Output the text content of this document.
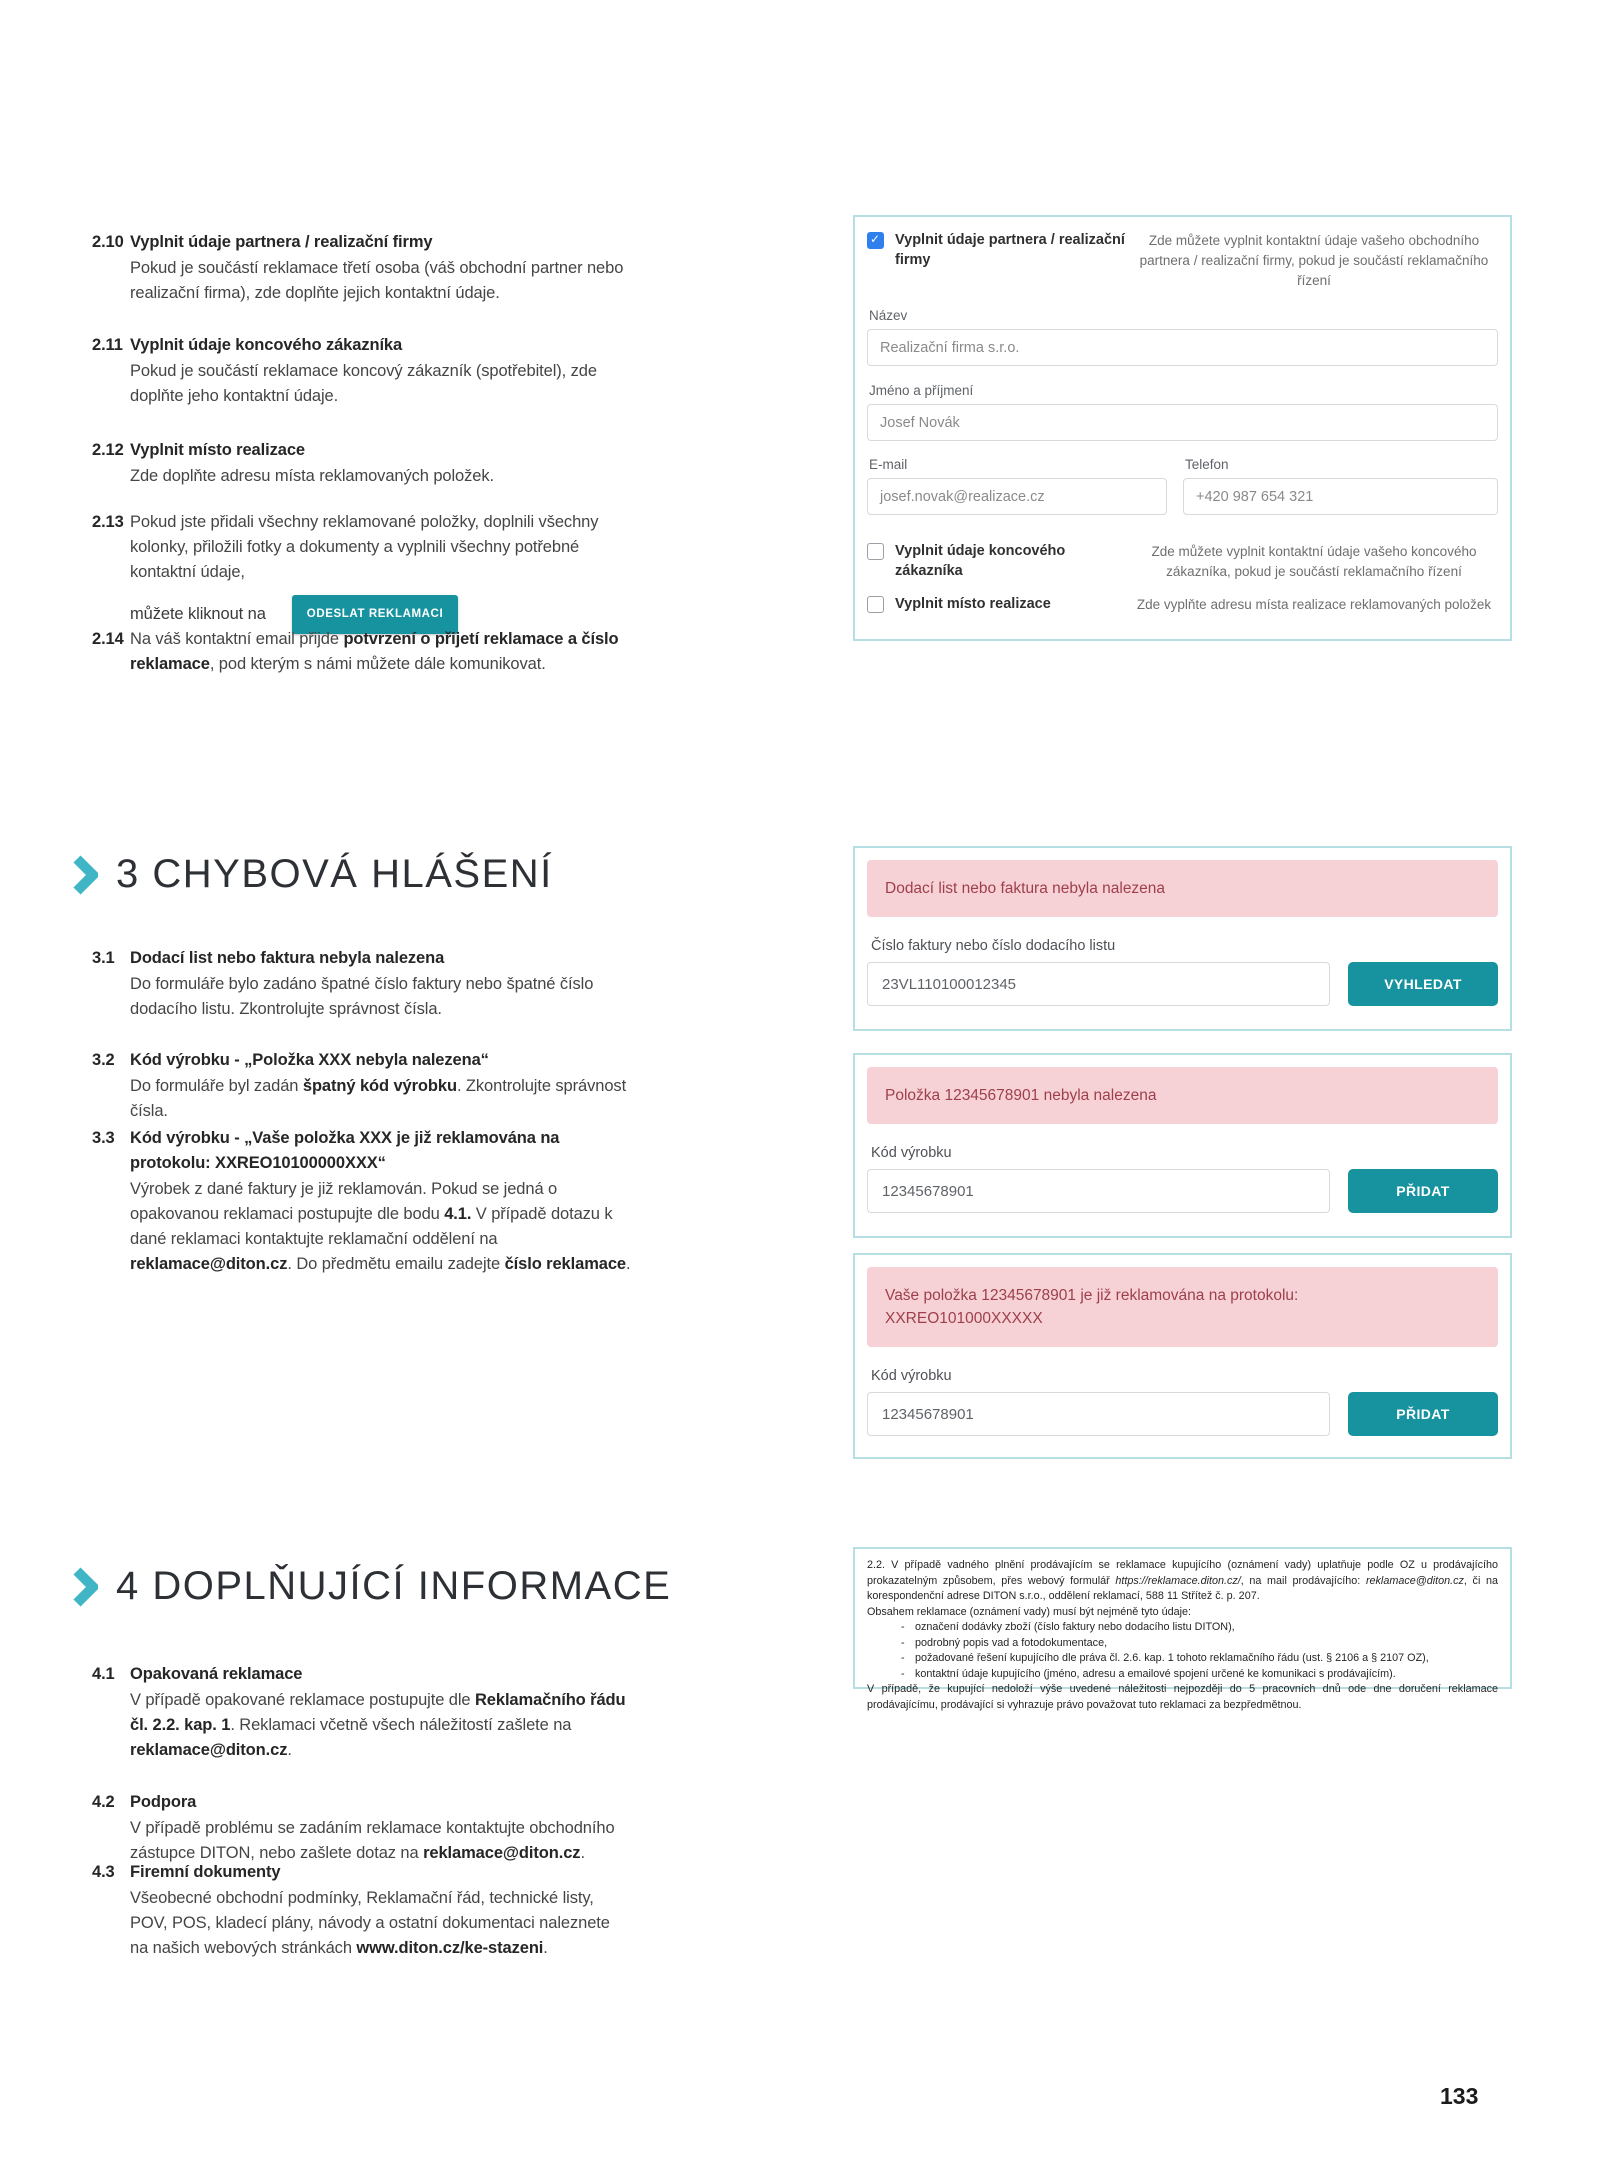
2.10 Vyplnit údaje partnera / realizační firmy
Pokud je součástí reklamace třetí osoba (váš obchodní partner nebo realizační firma), zde doplňte jejich kontaktní údaje.
2.11 Vyplnit údaje koncového zákazníka
Pokud je součástí reklamace koncový zákazník (spotřebitel), zde doplňte jeho kontaktní údaje.
2.12 Vyplnit místo realizace
Zde doplňte adresu místa reklamovaných položek.
2.13 Pokud jste přidali všechny reklamované položky, doplnili všechny kolonky, přiložili fotky a dokumenty a vyplnili všechny potřebné kontaktní údaje,
můžete kliknout na	ODESLAT REKLAMACI
2.14 Na váš kontaktní email přijde potvrzení o přijetí reklamace a číslo reklamace, pod kterým s námi můžete dále komunikovat.
3 CHYBOVÁ HLÁŠENÍ
3.1 Dodací list nebo faktura nebyla nalezena
Do formuláře bylo zadáno špatné číslo faktury nebo špatné číslo dodacího listu. Zkontrolujte správnost čísla.
3.2 Kód výrobku - „Položka XXX nebyla nalezena“
Do formuláře byl zadán špatný kód výrobku. Zkontrolujte správnost čísla.
3.3 Kód výrobku - „Vaše položka XXX je již reklamována na protokolu: XXREO10100000XXX“
Výrobek z dané faktury je již reklamován. Pokud se jedná o opakovanou reklamaci postupujte dle bodu 4.1. V případě dotazu k dané reklamaci kontaktujte reklamační oddělení na reklamace@diton.cz. Do předmětu emailu zadejte číslo reklamace.
4 DOPLŇUJÍCÍ INFORMACE
4.1 Opakovaná reklamace
V případě opakované reklamace postupujte dle Reklamačního řádu čl. 2.2. kap. 1. Reklamaci včetně všech náležitostí zašlete na reklamace@diton.cz.
4.2 Podpora
V případě problému se zadáním reklamace kontaktujte obchodního zástupce DITON, nebo zašlete dotaz na reklamace@diton.cz.
4.3 Firemní dokumenty
Všeobecné obchodní podmínky, Reklamační řád, technické listy, POV, POS, kladecí plány, návody a ostatní dokumentaci naleznete na našich webových stránkách www.diton.cz/ke-stazeni.
✓
Vyplnit údaje partnera / realizační firmy
Zde můžete vyplnit kontaktní údaje vašeho obchodního partnera / realizační firmy, pokud je součástí reklamačního řízení
Název
Realizační firma s.r.o.
Jméno a příjmení
Josef Novák
E-mail
josef.novak@realizace.cz
Telefon
+420 987 654 321
Vyplnit údaje koncového zákazníka
Zde můžete vyplnit kontaktní údaje vašeho koncového zákazníka, pokud je součástí reklamačního řízení
Vyplnit místo realizace	Zde vyplňte adresu místa realizace reklamovaných položek
Dodací list nebo faktura nebyla nalezena
Číslo faktury nebo číslo dodacího listu
23VL110100012345	VYHLEDAT
Položka 12345678901 nebyla nalezena
Kód výrobku
12345678901	PŘIDAT
Vaše položka 12345678901 je již reklamována na protokolu:
XXREO101000XXXXX
Kód výrobku
12345678901	PŘIDAT

2.2. V případě vadného plnění prodávajícím se reklamace kupujícího (oznámení vady) uplatňuje podle OZ u prodávajícího prokazatelným způsobem, přes webový formulář https://reklamace.diton.cz/, na mail prodávajícího: reklamace@diton.cz, či na korespondenční adrese DITON s.r.o., oddělení reklamací, 588 11 Střítež č. p. 207.

Obsahem reklamace (oznámení vady) musí být nejméně tyto údaje:

- označení dodávky zboží (číslo faktury nebo dodacího listu DITON),
- podrobný popis vad a fotodokumentace,
- požadované řešení kupujícího dle práva čl. 2.6. kap. 1 tohoto reklamačního řádu (ust. § 2106 a § 2107 OZ),
- kontaktní údaje kupujícího (jméno, adresu a emailové spojení určené ke komunikaci s prodávajícím).

V případě, že kupující nedoloží výše uvedené náležitosti nejpozději do 5 pracovních dnů ode dne doručení reklamace prodávajícímu, prodávající si vyhrazuje právo považovat tuto reklamaci za bezpředmětnou.

133
